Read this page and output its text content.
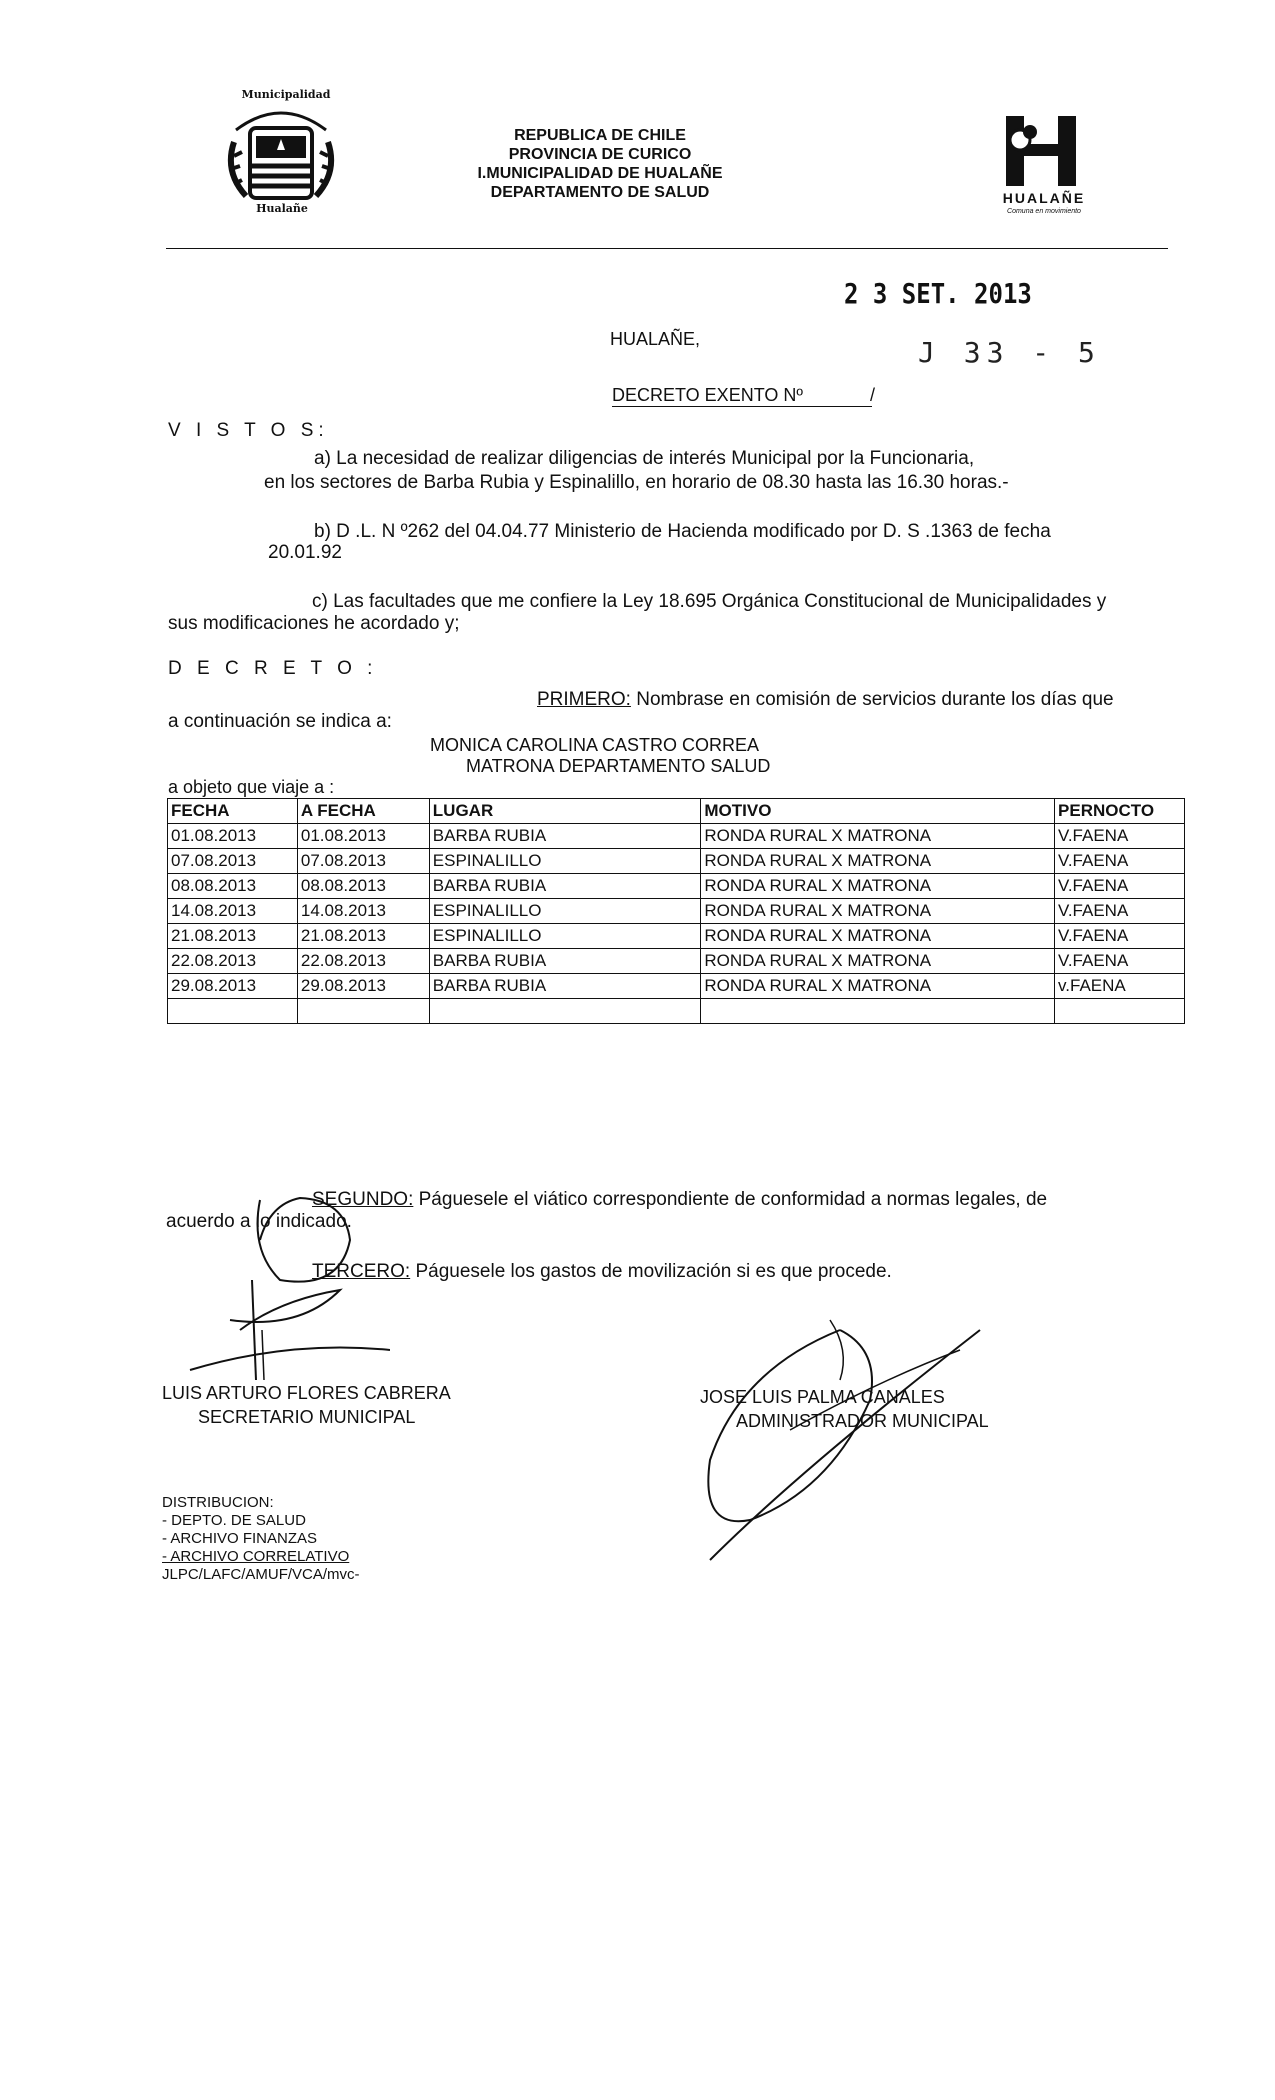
Municipalidad
Hualañe
REPUBLICA DE CHILE
PROVINCIA DE CURICO
I.MUNICIPALIDAD DE HUALAÑE
DEPARTAMENTO DE SALUD	HUALAÑE
Comuna en movimiento
2 3 SET. 2013
HUALAÑE,	J 33 - 5
DECRETO EXENTO Nº	/
V I S T O S:
a) La necesidad de realizar diligencias de interés Municipal por la Funcionaria,
en los sectores de Barba Rubia y Espinalillo, en horario de 08.30 hasta las 16.30 horas.-
b) D .L. N º262 del 04.04.77 Ministerio de Hacienda modificado por D. S .1363 de fecha
20.01.92
c) Las facultades que me confiere la Ley 18.695 Orgánica Constitucional de Municipalidades y
sus modificaciones he acordado y;
D E C R E T O :
PRIMERO: Nombrase en comisión de servicios durante los días que
a continuación se indica a:
MONICA CAROLINA CASTRO CORREA
MATRONA DEPARTAMENTO SALUD
a objeto que viaje a :
FECHA	A FECHA	LUGAR	MOTIVO	PERNOCTO
01.08.2013	01.08.2013	BARBA RUBIA	RONDA RURAL X MATRONA	V.FAENA
07.08.2013	07.08.2013	ESPINALILLO	RONDA RURAL X MATRONA	V.FAENA
08.08.2013	08.08.2013	BARBA RUBIA	RONDA RURAL X MATRONA	V.FAENA
14.08.2013	14.08.2013	ESPINALILLO	RONDA RURAL X MATRONA	V.FAENA
21.08.2013	21.08.2013	ESPINALILLO	RONDA RURAL X MATRONA	V.FAENA
22.08.2013	22.08.2013	BARBA RUBIA	RONDA RURAL X MATRONA	V.FAENA
29.08.2013	29.08.2013	BARBA RUBIA	RONDA RURAL X MATRONA	v.FAENA

SEGUNDO: Páguesele el viático correspondiente de conformidad a normas legales, de
acuerdo a lo indicado.
TERCERO: Páguesele los gastos de movilización si es que procede.
LUIS ARTURO FLORES CABRERA
SECRETARIO MUNICIPAL
JOSE LUIS PALMA CANALES
ADMINISTRADOR MUNICIPAL
DISTRIBUCION:
- DEPTO. DE SALUD
- ARCHIVO FINANZAS
- ARCHIVO CORRELATIVO
JLPC/LAFC/AMUF/VCA/mvc-
